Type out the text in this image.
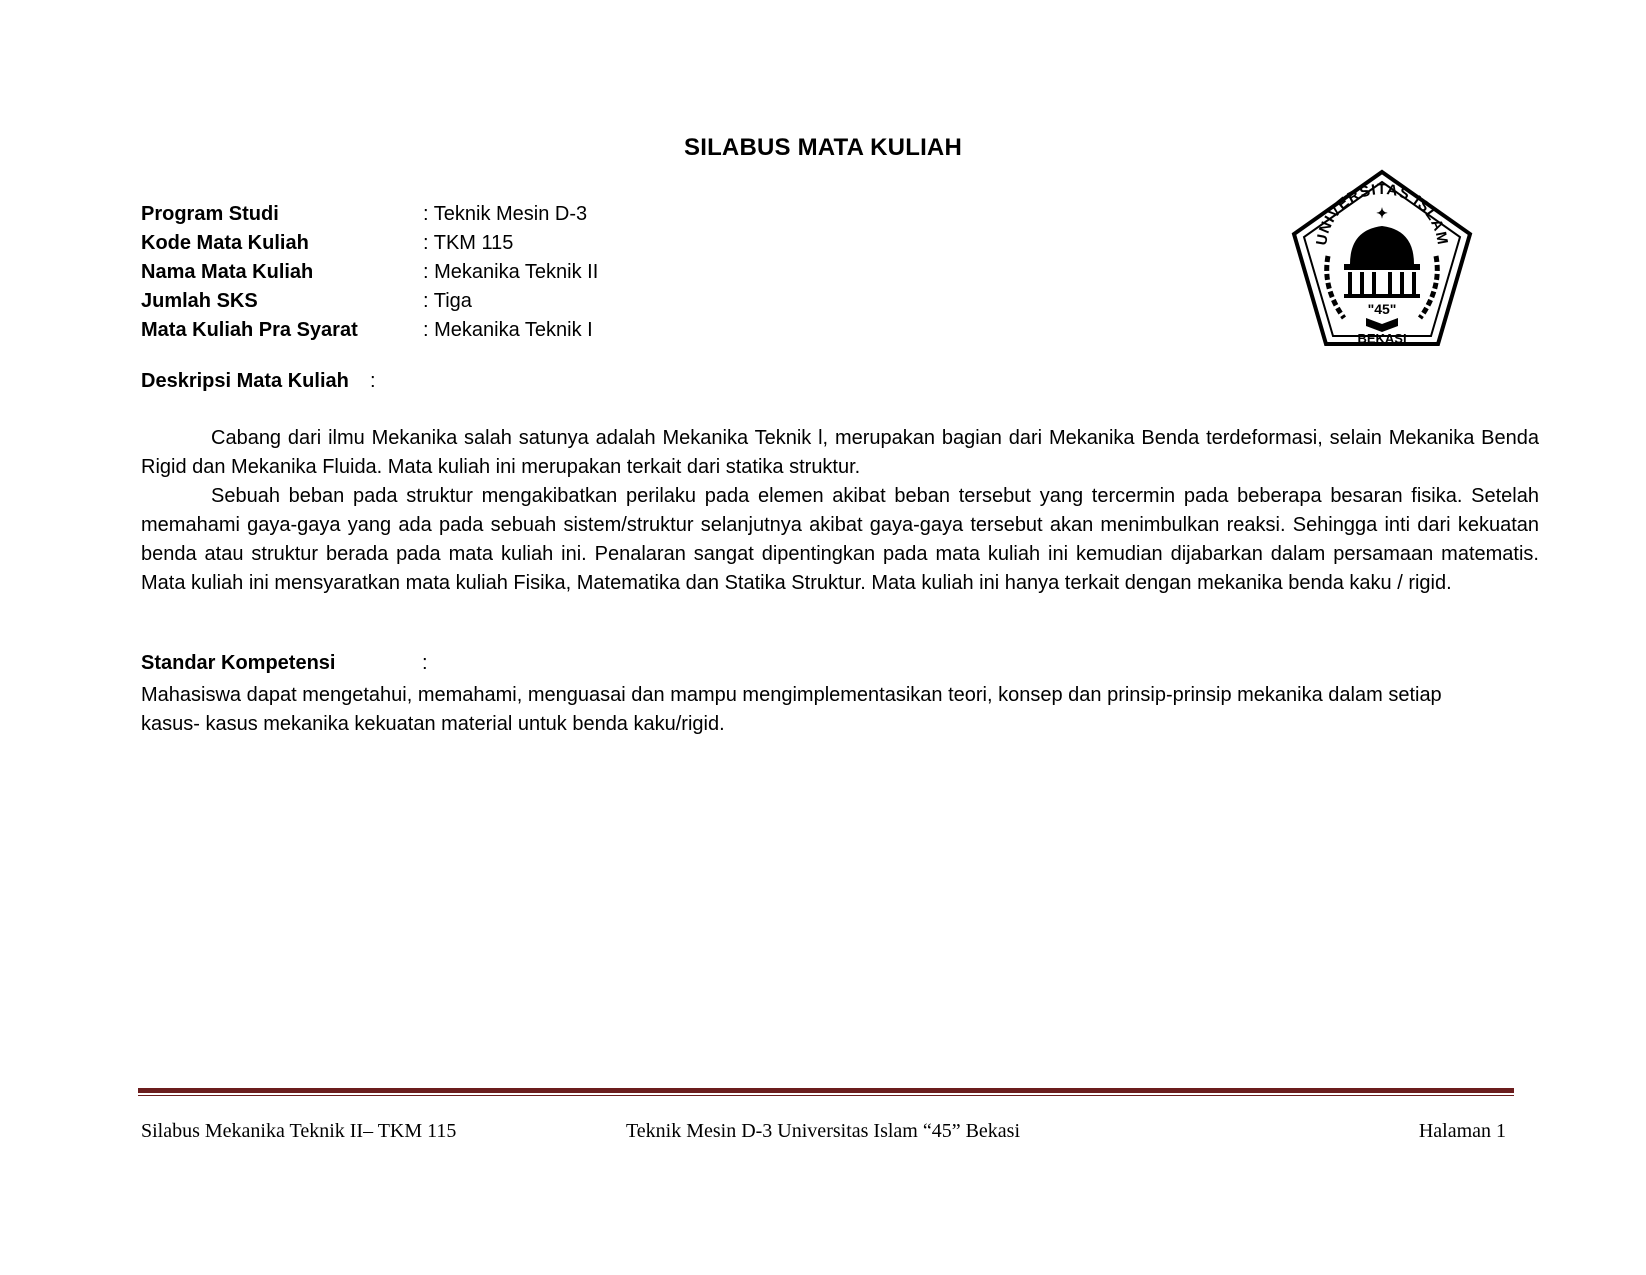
SILABUS MATA KULIAH
Program Studi	: Teknik Mesin D-3
Kode Mata Kuliah	: TKM 115
Nama Mata Kuliah	: Mekanika Teknik II
Jumlah SKS	: Tiga
Mata Kuliah Pra Syarat	: Mekanika Teknik I
UNIVERSITAS ISLAM
✦
"45"
BEKASI
Deskripsi Mata Kuliah :

Cabang dari ilmu Mekanika salah satunya adalah Mekanika Teknik l, merupakan bagian dari Mekanika Benda terdeformasi, selain Mekanika Benda Rigid dan Mekanika Fluida. Mata kuliah ini merupakan terkait dari statika struktur.

Sebuah beban pada struktur mengakibatkan perilaku pada elemen akibat beban tersebut yang tercermin pada beberapa besaran fisika. Setelah memahami gaya-gaya yang ada pada sebuah sistem/struktur selanjutnya akibat gaya-gaya tersebut akan menimbulkan reaksi. Sehingga inti dari kekuatan benda atau struktur berada pada mata kuliah ini. Penalaran sangat dipentingkan pada mata kuliah ini kemudian dijabarkan dalam persamaan matematis. Mata kuliah ini mensyaratkan mata kuliah Fisika, Matematika dan Statika Struktur. Mata kuliah ini hanya terkait dengan mekanika benda kaku / rigid.

Standar Kompetensi	:

Mahasiswa dapat mengetahui, memahami, menguasai dan mampu mengimplementasikan teori, konsep dan prinsip-prinsip mekanika dalam setiap kasus- kasus mekanika kekuatan material untuk benda kaku/rigid.

Silabus Mekanika Teknik II– TKM 115	Teknik Mesin D-3 Universitas Islam “45” Bekasi	Halaman 1
